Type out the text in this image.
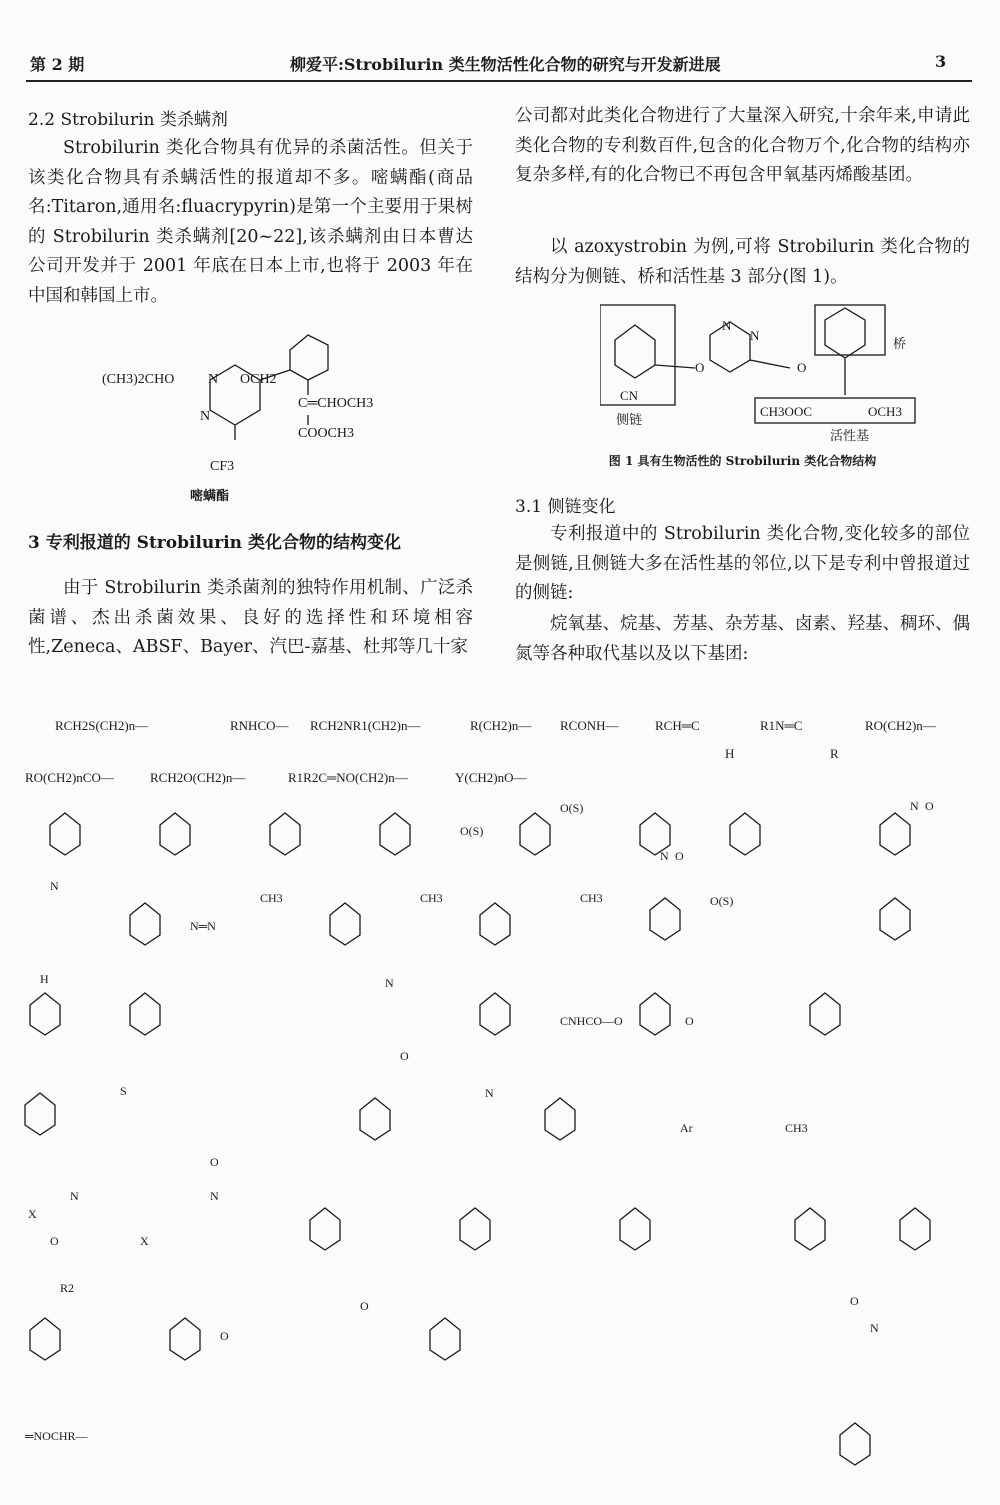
第 2 期	柳爱平:Strobilurin 类生物活性化合物的研究与开发新进展	3
2.2 Strobilurin 类杀螨剂

Strobilurin 类化合物具有优异的杀菌活性。但关于该类化合物具有杀螨活性的报道却不多。嘧螨酯(商品名:Titaron,通用名:fluacrypyrin)是第一个主要用于果树的 Strobilurin 类杀螨剂[20~22],该杀螨剂由日本曹达公司开发并于 2001 年底在日本上市,也将于 2003 年在中国和韩国上市。

(CH3)2CHO N OCH2
N
C═CHOCH3
COOCH3
CF3
嘧螨酯
3 专利报道的 Strobilurin 类化合物的结构变化

由于 Strobilurin 类杀菌剂的独特作用机制、广泛杀菌谱、杰出杀菌效果、良好的选择性和环境相容性,Zeneca、ABSF、Bayer、汽巴-嘉基、杜邦等几十家

公司都对此类化合物进行了大量深入研究,十余年来,申请此类化合物的专利数百件,包含的化合物万个,化合物的结构亦复杂多样,有的化合物已不再包含甲氧基丙烯酸基团。

以 azoxystrobin 为例,可将 Strobilurin 类化合物的结构分为侧链、桥和活性基 3 部分(图 1)。

O	O
N
N
CN
侧链
桥
CH3OOC	OCH3
活性基
图 1 具有生物活性的 Strobilurin 类化合物结构
3.1 侧链变化

专利报道中的 Strobilurin 类化合物,变化较多的部位是侧链,且侧链大多在活性基的邻位,以下是专利中曾报道过的侧链:

烷氧基、烷基、芳基、杂芳基、卤素、羟基、稠环、偶氮等各种取代基以及以下基团:

RCH2S(CH2)n—	RNHCO— RCH2NR1(CH2)n—	R(CH2)n— RCONH—	RCH═C	R1N═C	RO(CH2)n—
H	R
RO(CH2)nCO—	RCH2O(CH2)n—	R1R2C═NO(CH2)n—	Y(CH2)nO—
O(S)
O(S)
N O
N O
N
CH3
N═N
CH3	CH3	O(S)
H	N
O
CNHCO—O	O
S
O
N
Ar	CH3
X
N
O	X
N
R2
O
O	O
N
═NOCHR—
